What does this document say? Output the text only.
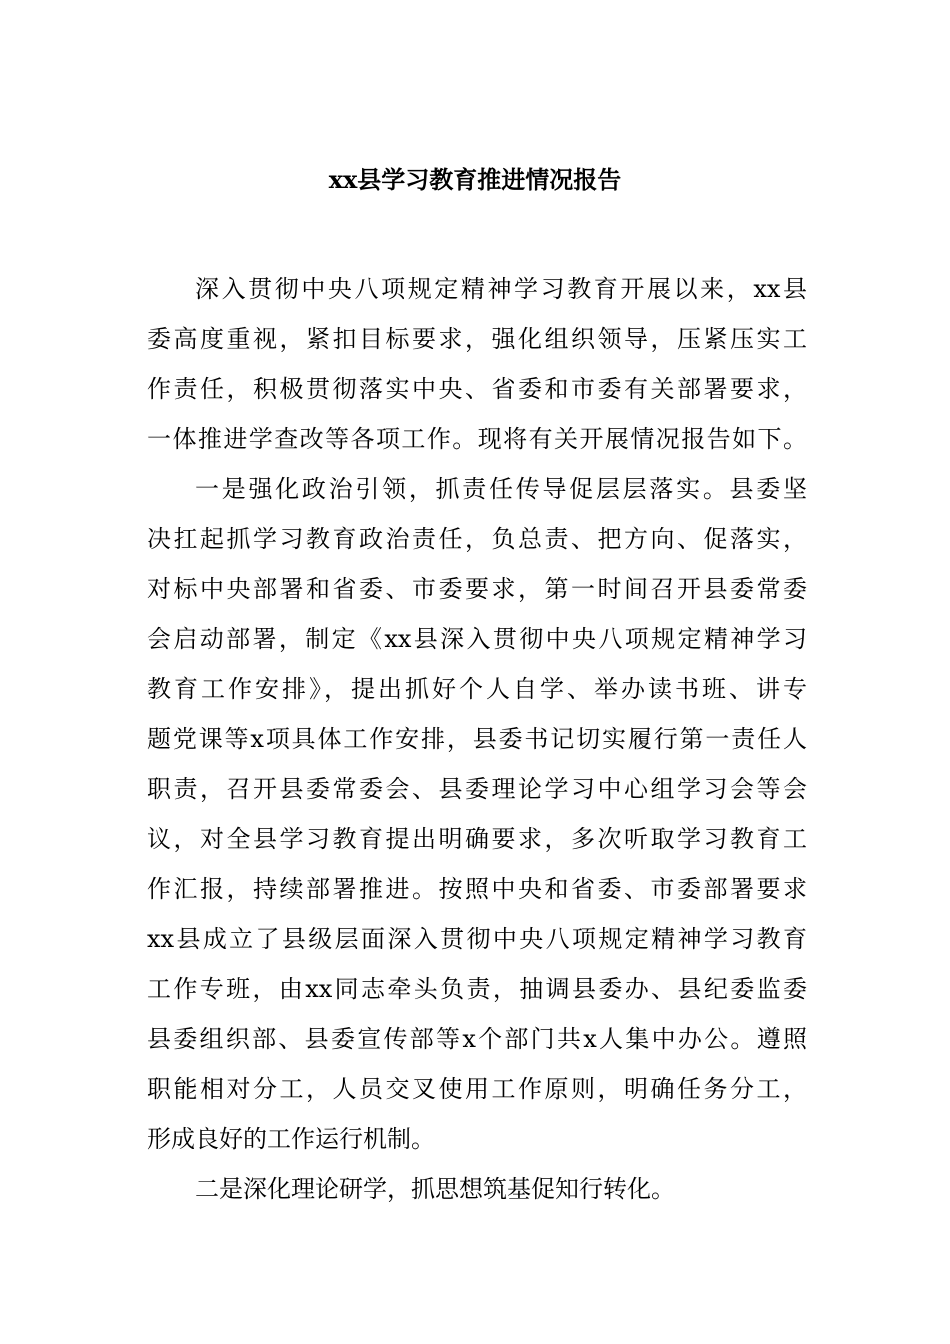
xx县学习教育推进情况报告

深入贯彻中央八项规定精神学习教育开展以来，xx县

委高度重视，紧扣目标要求，强化组织领导，压紧压实工

作责任，积极贯彻落实中央、省委和市委有关部署要求，

一体推进学查改等各项工作。现将有关开展情况报告如下。

一是强化政治引领，抓责任传导促层层落实。县委坚

决扛起抓学习教育政治责任，负总责、把方向、促落实，

对标中央部署和省委、市委要求，第一时间召开县委常委

会启动部署，制定《xx县深入贯彻中央八项规定精神学习

教育工作安排》，提出抓好个人自学、举办读书班、讲专

题党课等x项具体工作安排，县委书记切实履行第一责任人

职责，召开县委常委会、县委理论学习中心组学习会等会

议，对全县学习教育提出明确要求，多次听取学习教育工

作汇报，持续部署推进。按照中央和省委、市委部署要求

xx县成立了县级层面深入贯彻中央八项规定精神学习教育

工作专班，由xx同志牵头负责，抽调县委办、县纪委监委

县委组织部、县委宣传部等x个部门共x人集中办公。遵照

职能相对分工，人员交叉使用工作原则，明确任务分工，

形成良好的工作运行机制。

二是深化理论研学，抓思想筑基促知行转化。
